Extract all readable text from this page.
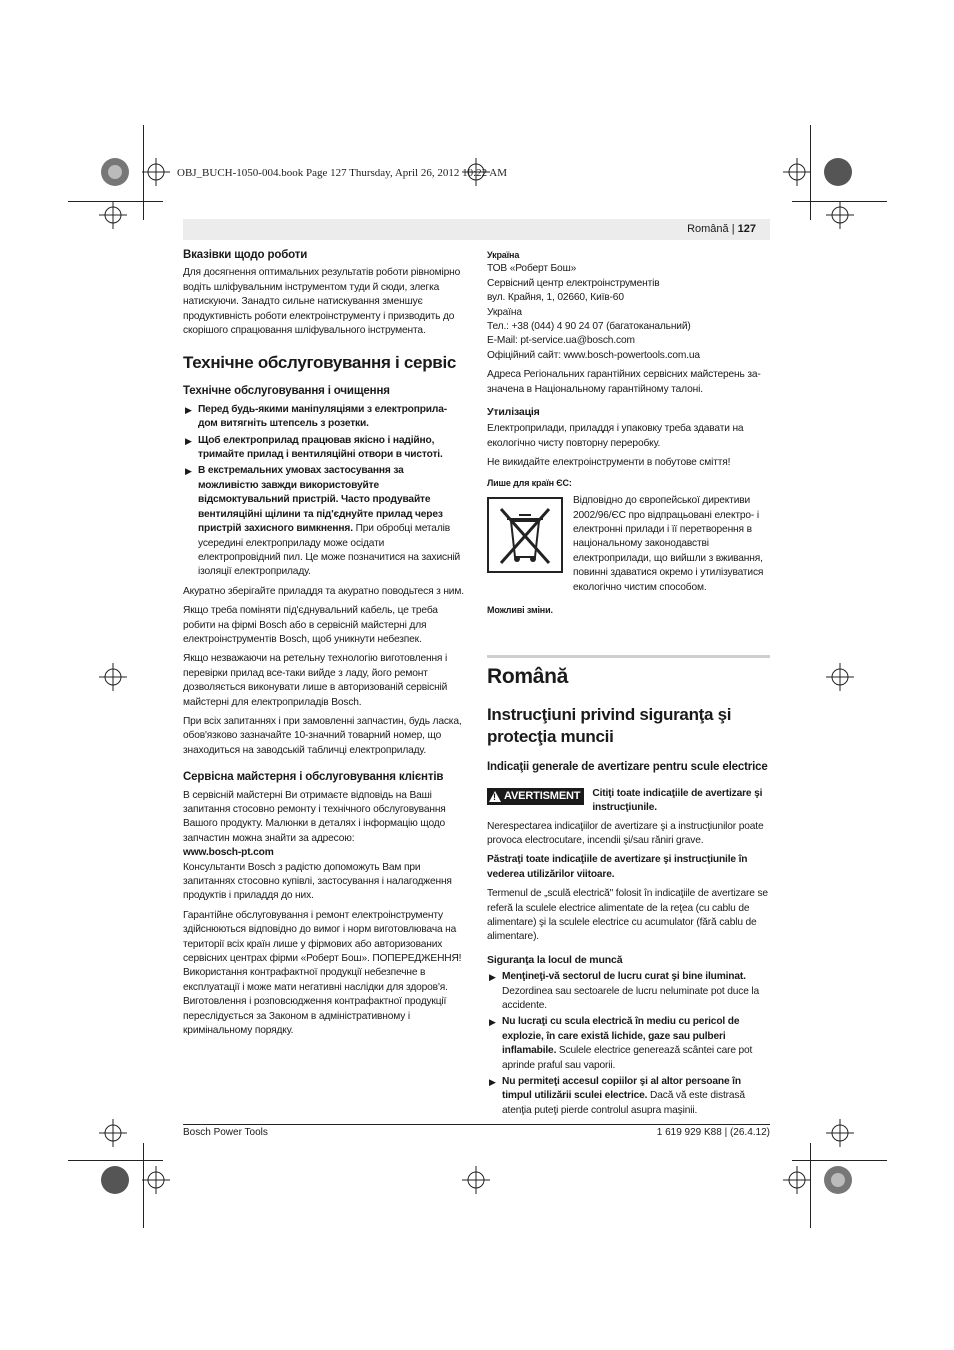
OBJ_BUCH-1050-004.book Page 127 Thursday, April 26, 2012 10:22 AM
Română | 127
Вказівки щодо роботи

Для досягнення оптимальних результатів роботи рівномірно водіть шліфувальним інструментом туди й сюди, злегка натискуючи. Занадто сильне натискування зменшує продуктивність роботи електроінструменту і призводить до скорішого спрацювання шліфувального інструмента.

Технічне обслуговування і сервіс
Технічне обслуговування і очищення
▶ Перед будь-якими маніпуляціями з електроприла- дом витягніть штепсель з розетки.
▶ Щоб електроприлад працював якісно і надійно, тримайте прилад і вентиляційні отвори в чистоті.
▶ В екстремальних умовах застосування за можливістю завжди використовуйте відсмоктувальний пристрій. Часто продувайте вентиляційні щілини та під'єднуйте прилад через пристрій захисного вимкнення. При обробці металів усередині електроприладу може осідати електропровідний пил. Це може позначитися на захисній ізоляції електроприладу.

Акуратно зберігайте приладдя та акуратно поводьтеся з ним.

Якщо треба поміняти під'єднувальний кабель, це треба робити на фірмі Bosch або в сервісній майстерні для електроінструментів Bosch, щоб уникнути небезпек.

Якщо незважаючи на ретельну технологію виготовлення і перевірки прилад все-таки вийде з ладу, його ремонт дозволяється виконувати лише в авторизованій сервісній майстерні для електроприладів Bosch.

При всіх запитаннях і при замовленні запчастин, будь ласка, обов'язково зазначайте 10-значний товарний номер, що знаходиться на заводській табличці електроприладу.

Сервісна майстерня і обслуговування клієнтів

В сервісній майстерні Ви отримаєте відповідь на Ваші запитання стосовно ремонту і технічного обслуговування Вашого продукту. Малюнки в деталях і інформацію щодо запчастин можна знайти за адресою:

www.bosch-pt.com

Консультанти Bosch з радістю допоможуть Вам при запитаннях стосовно купівлі, застосування і налагодження продуктів і приладдя до них.

Гарантійне обслуговування і ремонт електроінструменту здійснюються відповідно до вимог і норм виготовлювача на території всіх країн лише у фірмових або авторизованих сервісних центрах фірми «Роберт Бош». ПОПЕРЕДЖЕННЯ! Використання контрафактної продукції небезпечне в експлуатації і може мати негативні наслідки для здоров'я. Виготовлення і розповсюдження контрафактної продукції переслідується за Законом в адміністративному і кримінальному порядку.

Україна
ТОВ «Роберт Бош»
Сервісний центр електроінструментів
вул. Крайня, 1, 02660, Київ-60
Україна
Тел.: +38 (044) 4 90 24 07 (багатоканальний)
E-Mail: pt-service.ua@bosch.com
Офіційний сайт: www.bosch-powertools.com.ua

Адреса Регіональних гарантійних сервісних майстерень за- значена в Національному гарантійному талоні.

Утилізація

Електроприлади, приладдя і упаковку треба здавати на екологічно чисту повторну переробку.

Не викидайте електроінструменти в побутове сміття!

Лише для країн ЄС:
Відповідно до європейської директиви 2002/96/ЄС про відпрацьовані електро- і електронні прилади і її перетворення в національному законодавстві електроприлади, що вийшли з вживання, повинні здаватися окремо і утилізуватися екологічно чистим способом.
Можливі зміни.
Română
Instrucţiuni privind siguranţa şi protecţia muncii
Indicaţii generale de avertizare pentru scule electrice
! AVERTISMENT Citiţi toate indicaţiile de avertizare şi instrucţiunile.

Nerespectarea indicaţiilor de avertizare şi a instrucţiunilor poate provoca electrocutare, incendii şi/sau răniri grave.

Păstraţi toate indicaţiile de avertizare şi instrucţiunile în vederea utilizărilor viitoare.

Termenul de „sculă electrică" folosit în indicaţiile de avertizare se referă la sculele electrice alimentate de la reţea (cu cablu de alimentare) şi la sculele electrice cu acumulator (fără cablu de alimentare).

Siguranţa la locul de muncă
▶ Menţineţi-vă sectorul de lucru curat şi bine iluminat. Dezordinea sau sectoarele de lucru neluminate pot duce la accidente.
▶ Nu lucraţi cu scula electrică în mediu cu pericol de explozie, în care există lichide, gaze sau pulberi inflamabile. Sculele electrice generează scântei care pot aprinde praful sau vaporii.
▶ Nu permiteţi accesul copiilor şi al altor persoane în timpul utilizării sculei electrice. Dacă vă este distrasă atenţia puteţi pierde controlul asupra maşinii.
Bosch Power Tools	1 619 929 K88 | (26.4.12)
